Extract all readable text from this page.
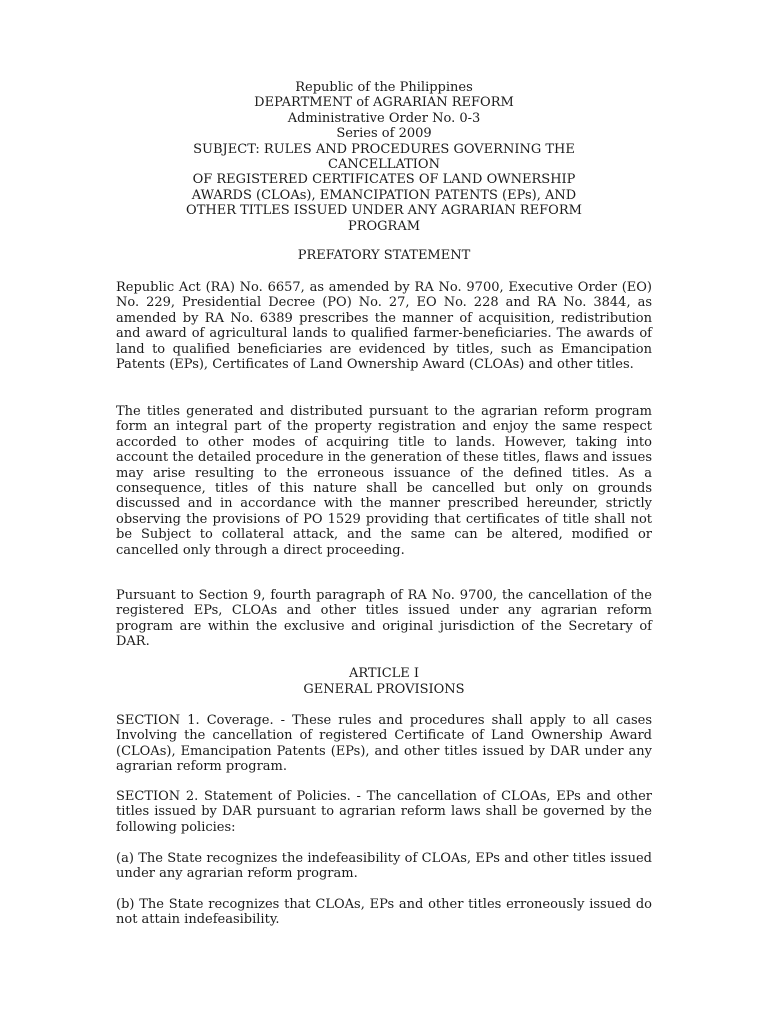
Republic of the Philippines
DEPARTMENT of AGRARIAN REFORM
Administrative Order No. 0-3
Series of 2009
SUBJECT: RULES AND PROCEDURES GOVERNING THE
CANCELLATION
OF REGISTERED CERTIFICATES OF LAND OWNERSHIP
AWARDS (CLOAs), EMANCIPATION PATENTS (EPs), AND
OTHER TITLES ISSUED UNDER ANY AGRARIAN REFORM
PROGRAM
PREFATORY STATEMENT

Republic Act (RA) No. 6657, as amended by RA No. 9700, Executive Order (EO) No. 229, Presidential Decree (PO) No. 27, EO No. 228 and RA No. 3844, as amended by RA No. 6389 prescribes the manner of acquisition, redistribution and award of agricultural lands to qualified farmer-beneficiaries. The awards of land to qualified beneficiaries are evidenced by titles, such as Emancipation Patents (EPs), Certificates of Land Ownership Award (CLOAs) and other titles.

The titles generated and distributed pursuant to the agrarian reform program form an integral part of the property registration and enjoy the same respect accorded to other modes of acquiring title to lands. However, taking into account the detailed procedure in the generation of these titles, flaws and issues may arise resulting to the erroneous issuance of the defined titles. As a consequence, titles of this nature shall be cancelled but only on grounds discussed and in accordance with the manner prescribed hereunder, strictly observing the provisions of PO 1529 providing that certificates of title shall not be Subject to collateral attack, and the same can be altered, modified or cancelled only through a direct proceeding.

Pursuant to Section 9, fourth paragraph of RA No. 9700, the cancellation of the registered EPs, CLOAs and other titles issued under any agrarian reform program are within the exclusive and original jurisdiction of the Secretary of DAR.

ARTICLE I
GENERAL PROVISIONS

SECTION 1. Coverage. - These rules and procedures shall apply to all cases Involving the cancellation of registered Certificate of Land Ownership Award (CLOAs), Emancipation Patents (EPs), and other titles issued by DAR under any agrarian reform program.

SECTION 2. Statement of Policies. - The cancellation of CLOAs, EPs and other titles issued by DAR pursuant to agrarian reform laws shall be governed by the following policies:

(a) The State recognizes the indefeasibility of CLOAs, EPs and other titles issued under any agrarian reform program.

(b) The State recognizes that CLOAs, EPs and other titles erroneously issued do not attain indefeasibility.
